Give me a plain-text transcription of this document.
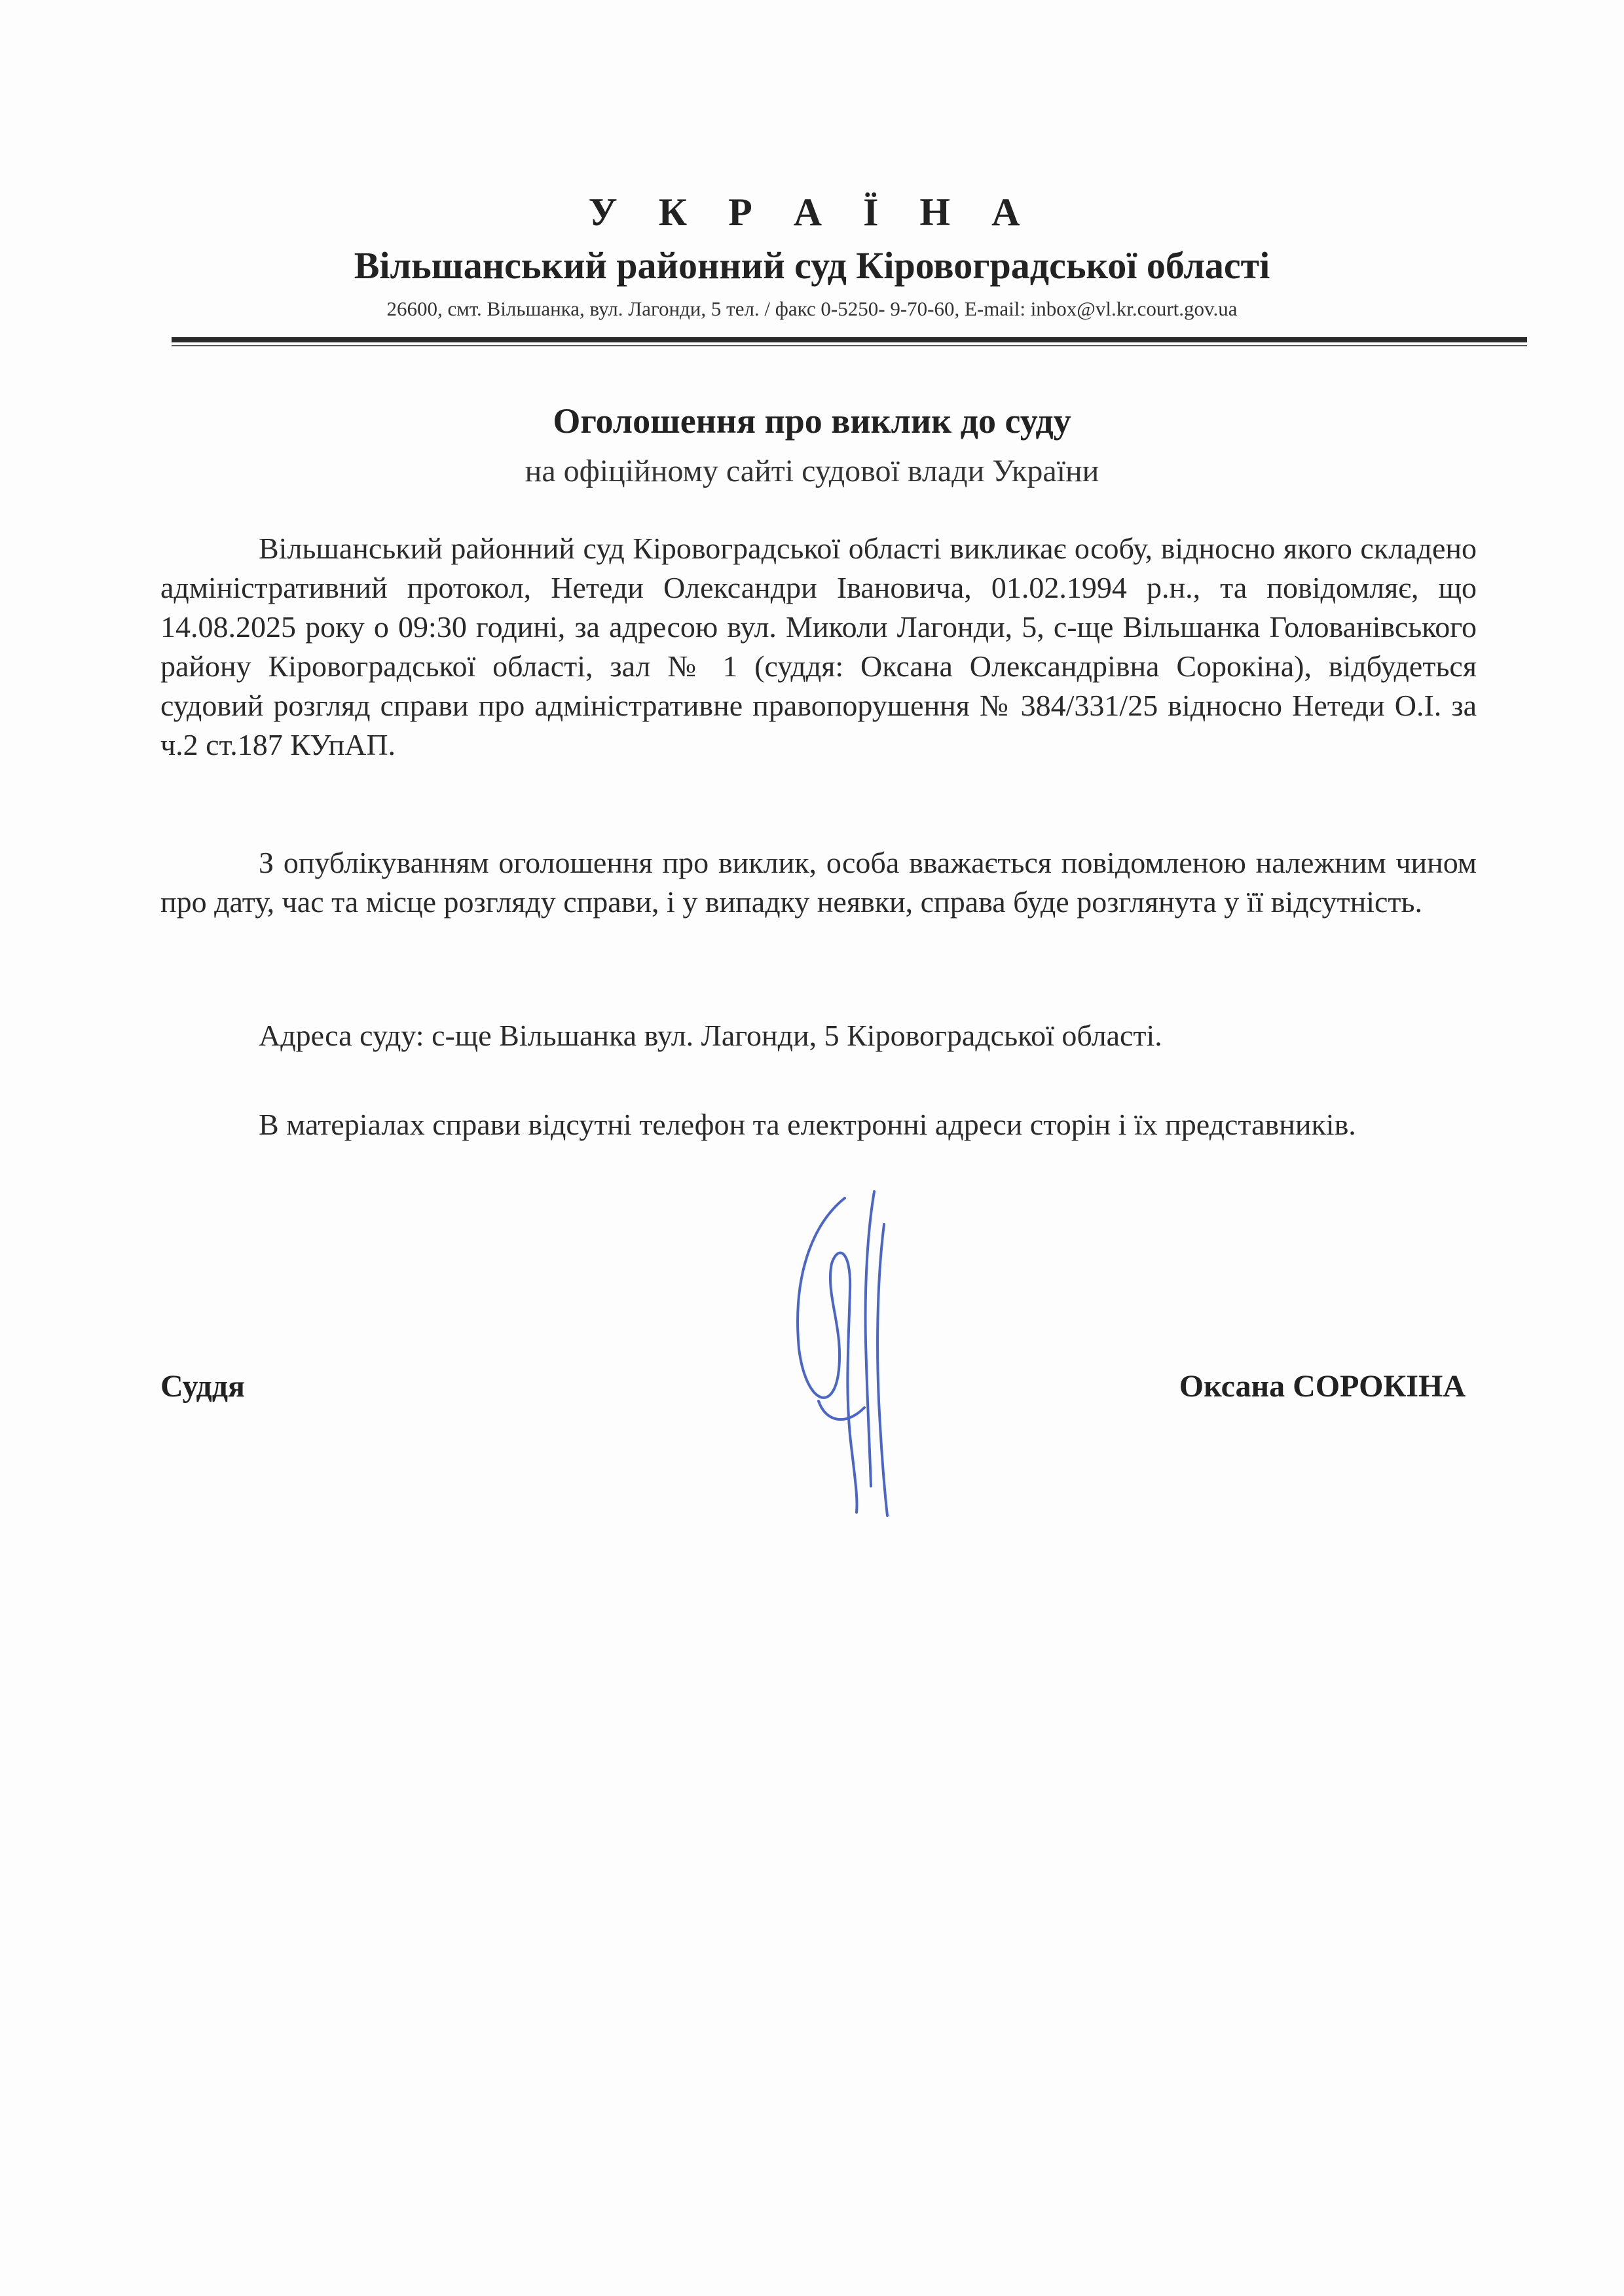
У К Р А Ї Н А
Вільшанський районний суд Кіровоградської області
26600, смт. Вільшанка, вул. Лагонди, 5 тел. / факс 0-5250- 9-70-60, E-mail: inbox@vl.kr.court.gov.ua
Оголошення про виклик до суду
на офіційному сайті судової влади України
Вільшанський районний суд Кіровоградської області викликає особу, відносно якого складено адміністративний протокол, Нетеди Олександри Івановича, 01.02.1994 р.н., та повідомляє, що 14.08.2025 року о 09:30 годині, за адресою вул. Миколи Лагонди, 5, с-ще Вільшанка Голованівського району Кіровоградської області, зал № 1 (суддя: Оксана Олександрівна Сорокіна), відбудеться судовий розгляд справи про адміністративне правопорушення № 384/331/25 відносно Нетеди О.І. за ч.2 ст.187 КУпАП.
З опублікуванням оголошення про виклик, особа вважається повідомленою належним чином про дату, час та місце розгляду справи, і у випадку неявки, справа буде розглянута у її відсутність.
Адреса суду: с-ще Вільшанка вул. Лагонди, 5 Кіровоградської області.
В матеріалах справи відсутні телефон та електронні адреси сторін і їх представників.
Суддя	Оксана СОРОКІНА
